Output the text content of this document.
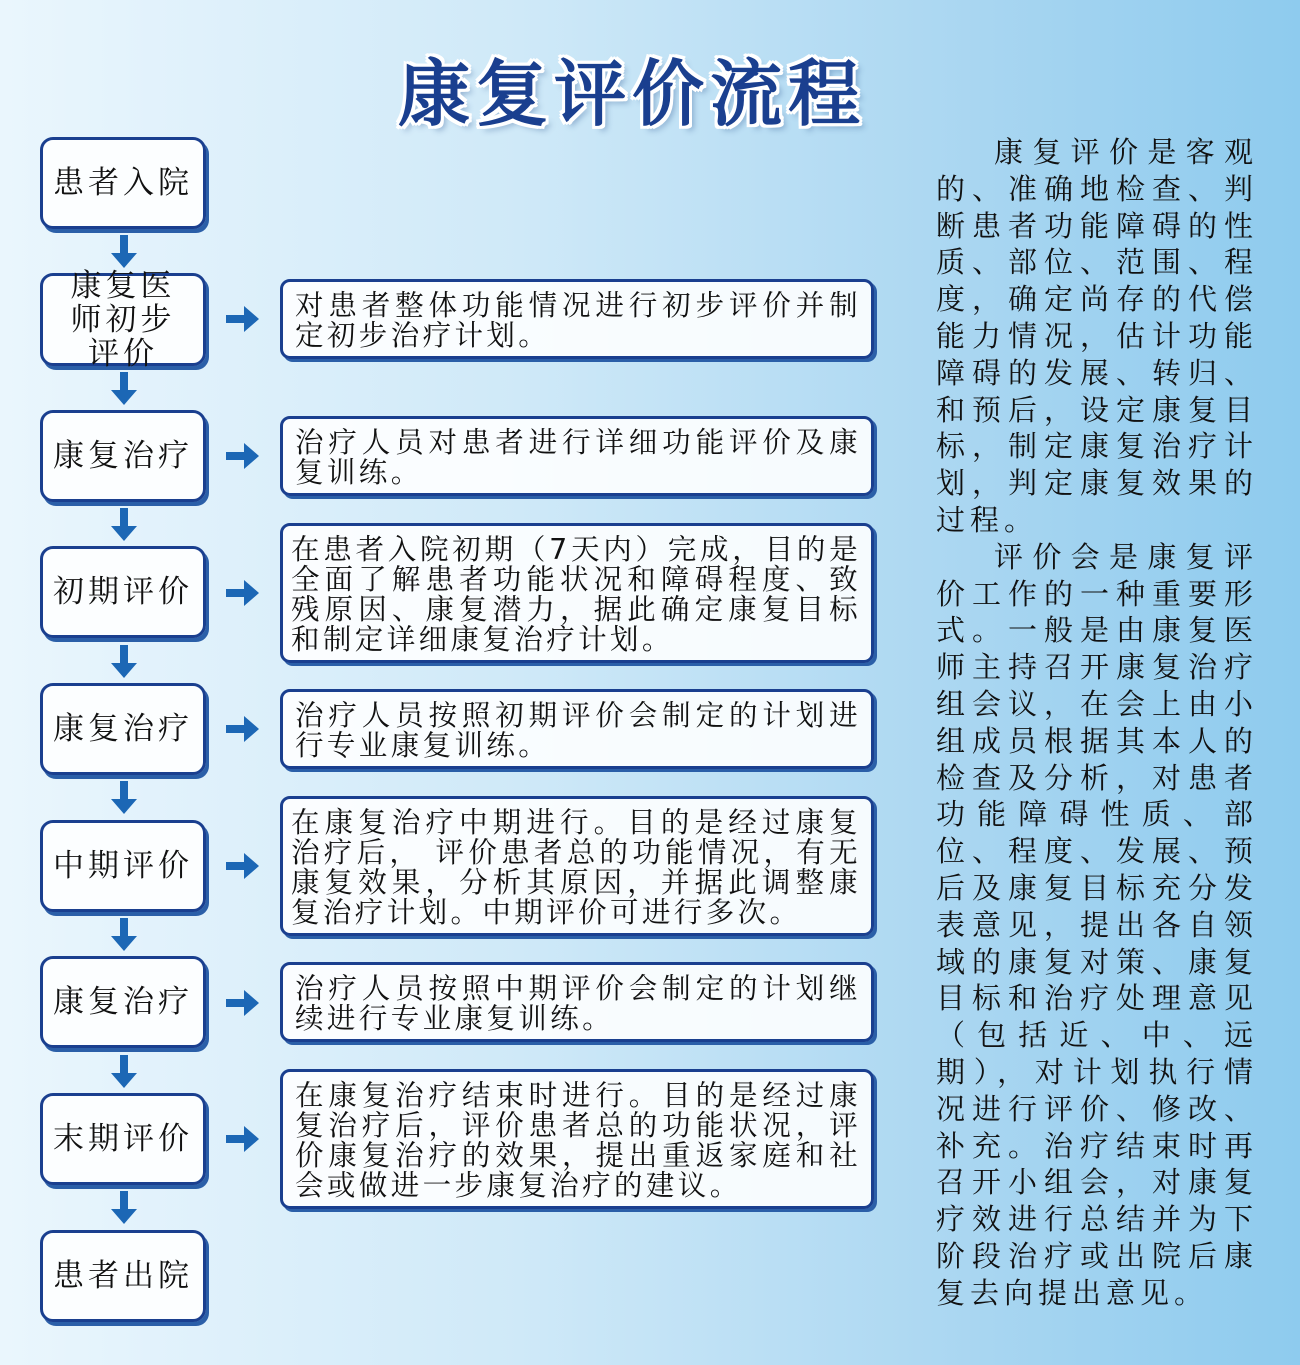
康复评价流程
患者入院
康复医师初步评价
康复治疗
初期评价
康复治疗
中期评价
康复治疗
末期评价
患者出院
对患者整体功能情况进行初步评价并制定初步治疗计划。
治疗人员对患者进行详细功能评价及康复训练。
在患者入院初期（7天内）完成，目的是全面了解患者功能状况和障碍程度、致残原因、康复潜力，据此确定康复目标和制定详细康复治疗计划。
治疗人员按照初期评价会制定的计划进行专业康复训练。
在康复治疗中期进行。目的是经过康复治疗后， 评价患者总的功能情况，有无康复效果，分析其原因，并据此调整康复治疗计划。中期评价可进行多次。
治疗人员按照中期评价会制定的计划继续进行专业康复训练。
在康复治疗结束时进行。目的是经过康复治疗后，评价患者总的功能状况，评价康复治疗的效果，提出重返家庭和社会或做进一步康复治疗的建议。

康复评价是客观的、准确地检查、判断患者功能障碍的性质、部位、范围、程度，确定尚存的代偿能力情况，估计功能障碍的发展、转归、和预后，设定康复目标，制定康复治疗计划，判定康复效果的过程。

评价会是康复评价工作的一种重要形式。一般是由康复医师主持召开康复治疗组会议，在会上由小组成员根据其本人的检查及分析，对患者功能障碍性质、部位、程度、发展、预后及康复目标充分发表意见，提出各自领域的康复对策、康复目标和治疗处理意见（包括近、中、远期），对计划执行情况进行评价、修改、补充。治疗结束时再召开小组会，对康复疗效进行总结并为下阶段治疗或出院后康复去向提出意见。
